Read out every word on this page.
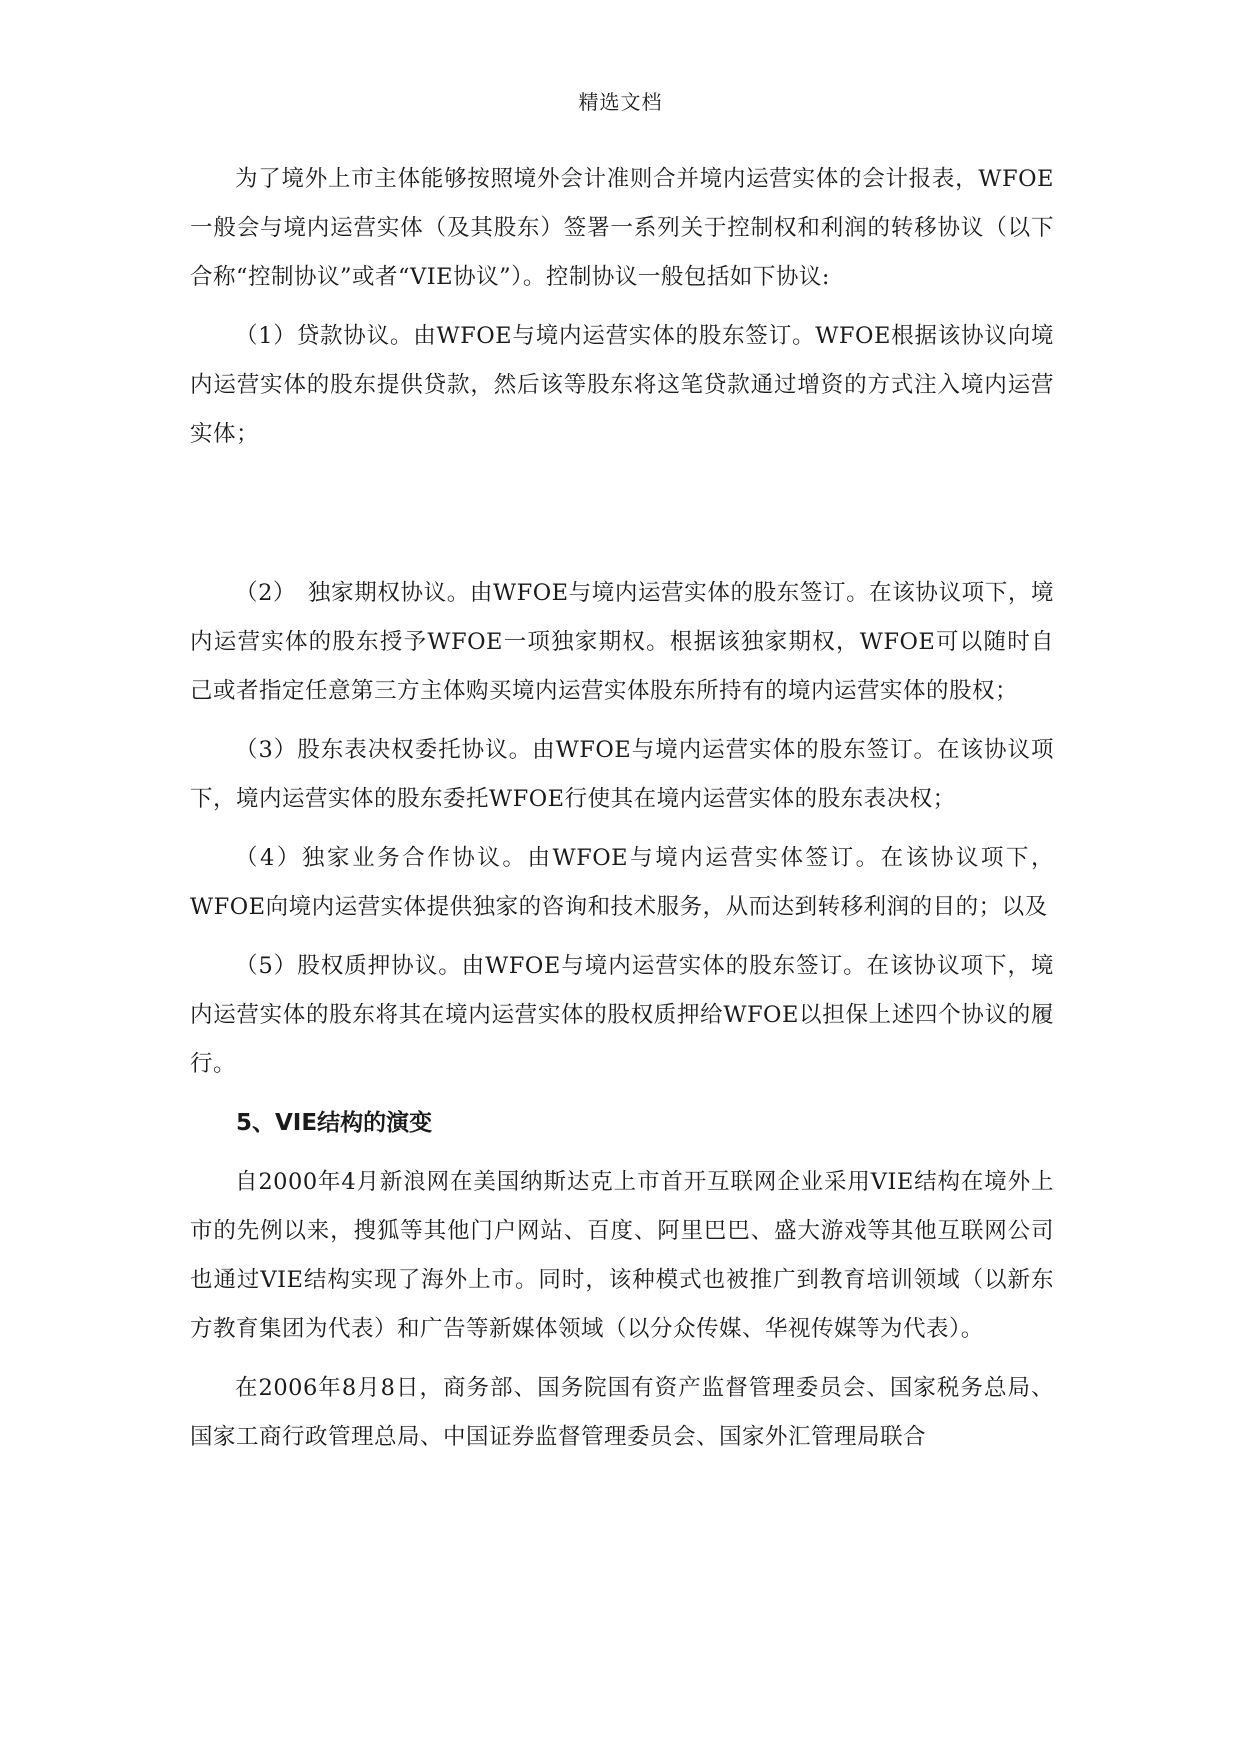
精选文档

为了境外上市主体能够按照境外会计准则合并境内运营实体的会计报表，WFOE一般会与境内运营实体（及其股东）签署一系列关于控制权和利润的转移协议（以下合称“控制协议”或者“VIE协议”）。控制协议一般包括如下协议:

（1）贷款协议。由WFOE与境内运营实体的股东签订。WFOE根据该协议向境内运营实体的股东提供贷款，然后该等股东将这笔贷款通过增资的方式注入境内运营实体；

（2）　独家期权协议。由WFOE与境内运营实体的股东签订。在该协议项下，境内运营实体的股东授予WFOE一项独家期权。根据该独家期权，WFOE可以随时自己或者指定任意第三方主体购买境内运营实体股东所持有的境内运营实体的股权；

（3）股东表决权委托协议。由WFOE与境内运营实体的股东签订。在该协议项下，境内运营实体的股东委托WFOE行使其在境内运营实体的股东表决权；

（4）独家业务合作协议。由WFOE与境内运营实体签订。在该协议项下，WFOE向境内运营实体提供独家的咨询和技术服务，从而达到转移利润的目的；以及

（5）股权质押协议。由WFOE与境内运营实体的股东签订。在该协议项下，境内运营实体的股东将其在境内运营实体的股权质押给WFOE以担保上述四个协议的履行。

5、VIE结构的演变

自2000年4月新浪网在美国纳斯达克上市首开互联网企业采用VIE结构在境外上市的先例以来，搜狐等其他门户网站、百度、阿里巴巴、盛大游戏等其他互联网公司也通过VIE结构实现了海外上市。同时，该种模式也被推广到教育培训领域（以新东方教育集团为代表）和广告等新媒体领域（以分众传媒、华视传媒等为代表）。

在2006年8月8日，商务部、国务院国有资产监督管理委员会、国家税务总局、国家工商行政管理总局、中国证券监督管理委员会、国家外汇管理局联合
